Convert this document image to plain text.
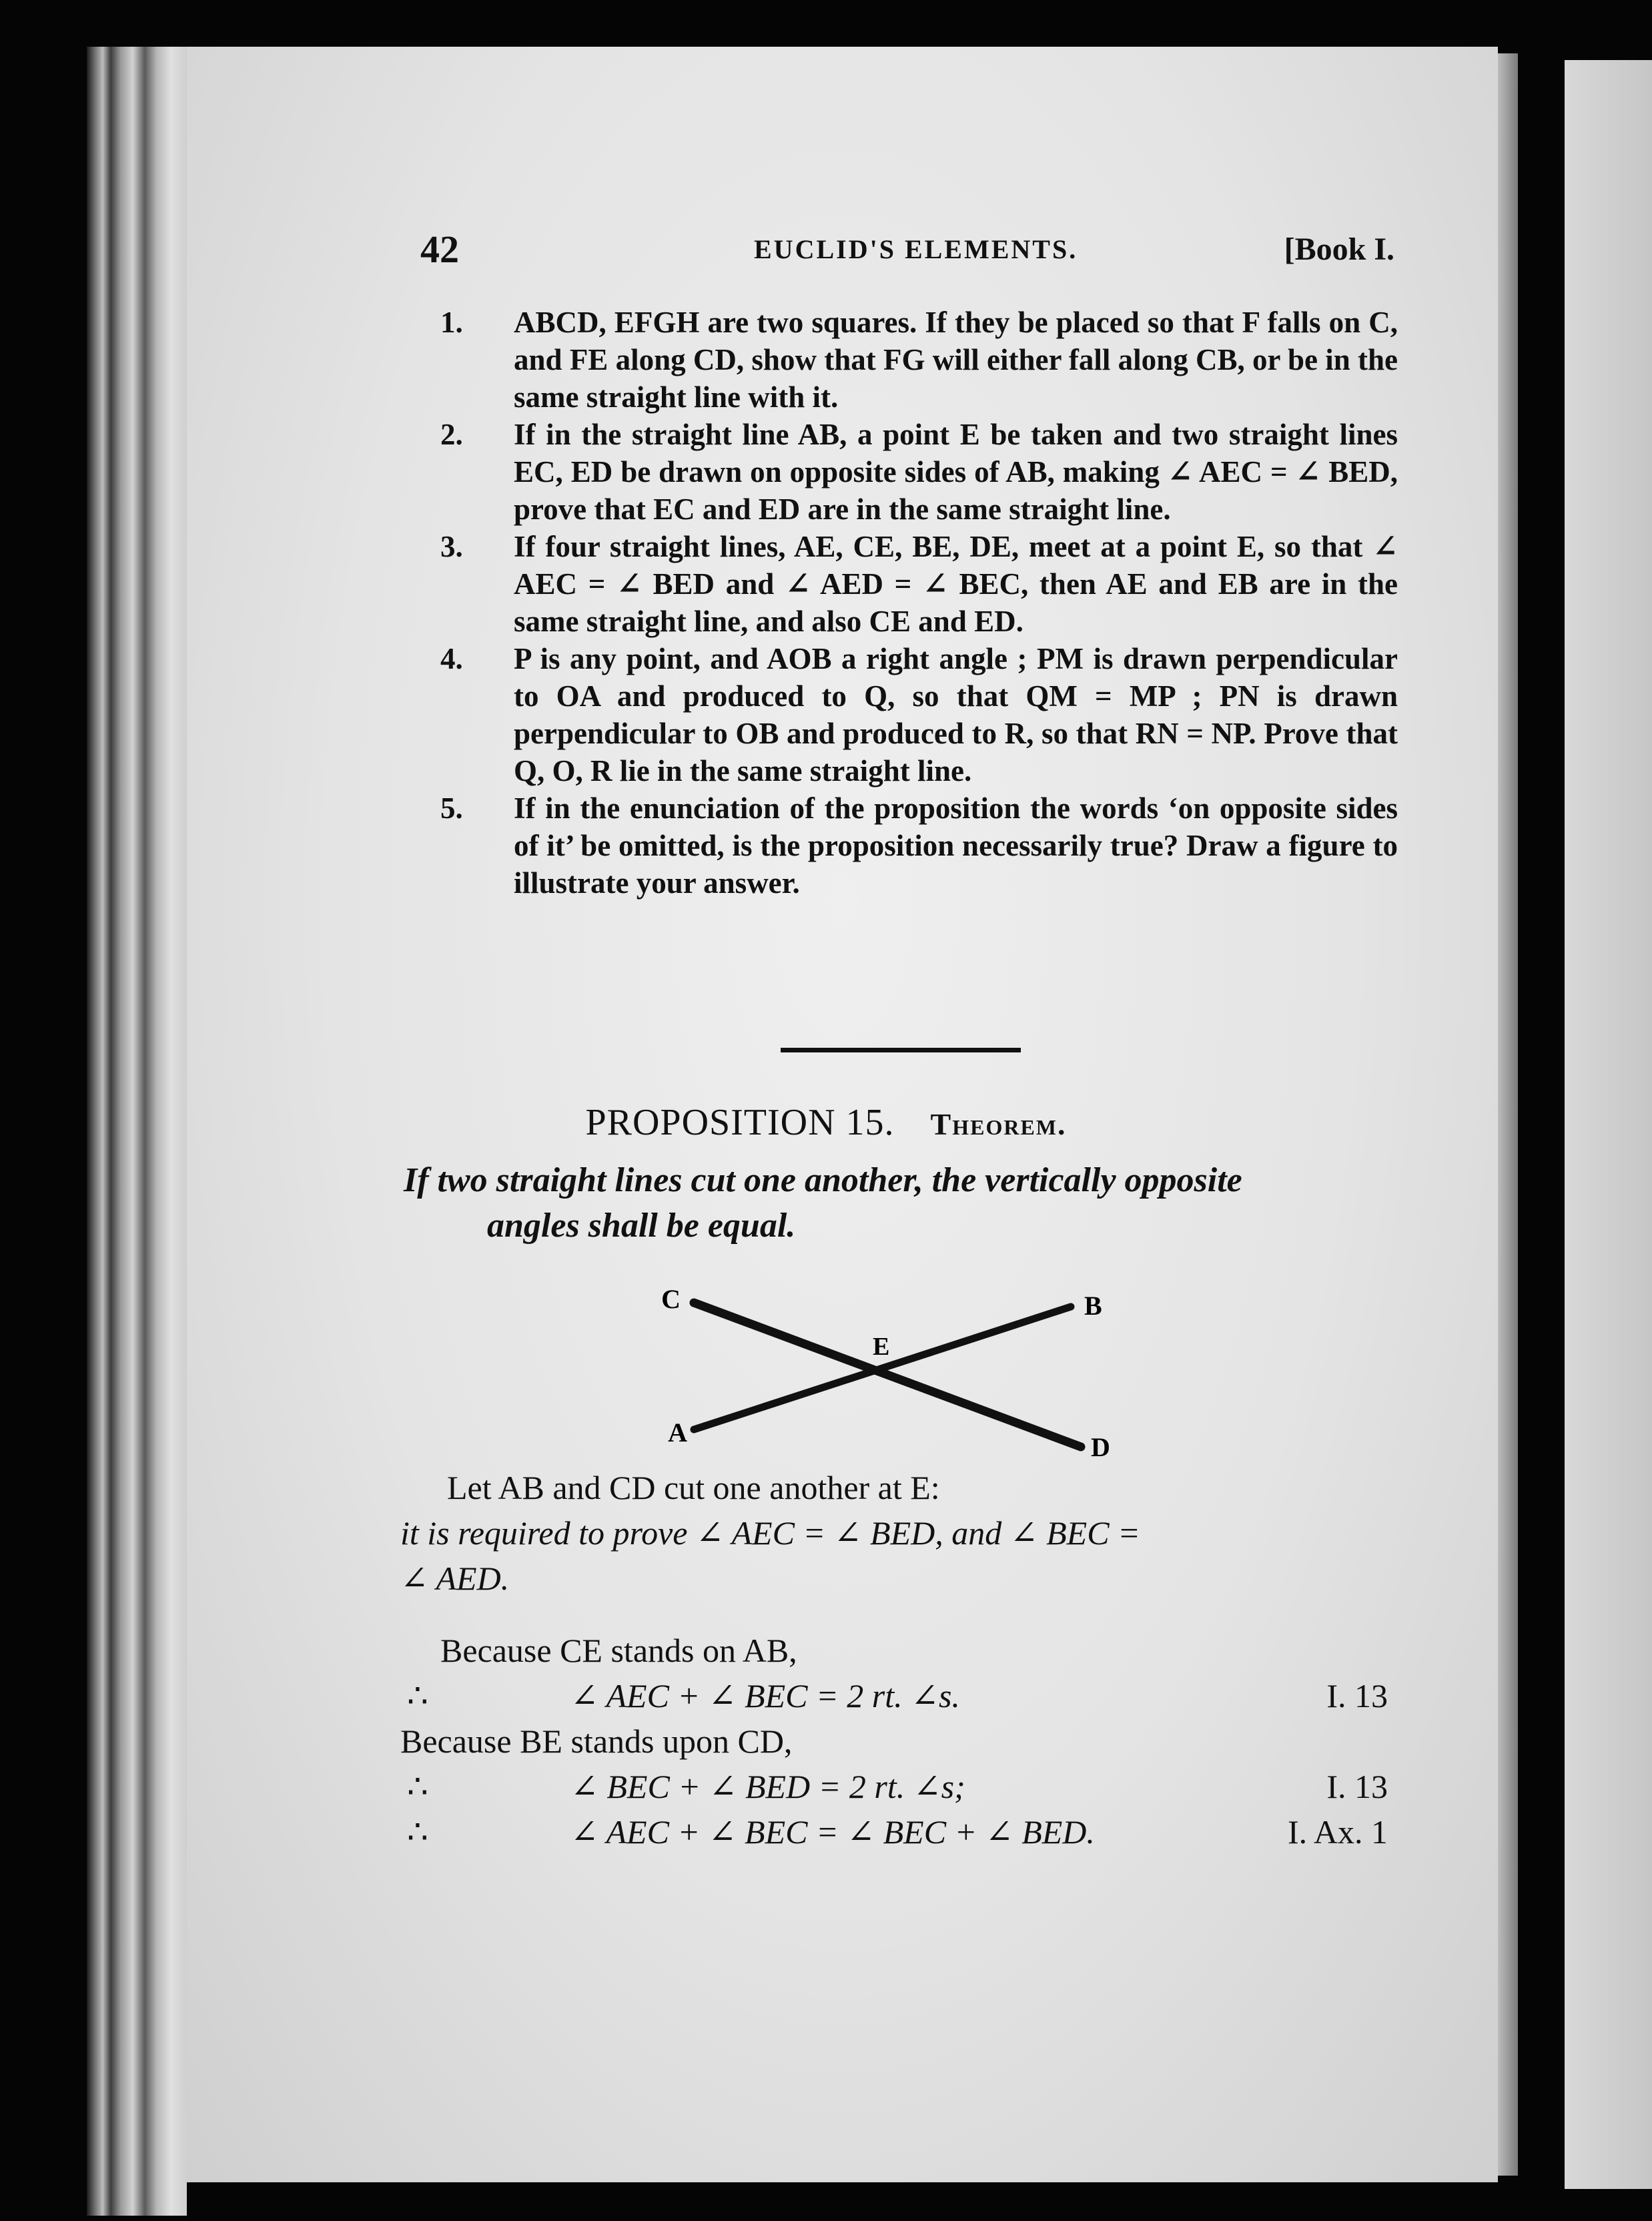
42	EUCLID'S ELEMENTS.	[Book I.
1. ABCD, EFGH are two squares. If they be placed so that F falls on C, and FE along CD, show that FG will either fall along CB, or be in the same straight line with it.
2. If in the straight line AB, a point E be taken and two straight lines EC, ED be drawn on opposite sides of AB, making ∠ AEC = ∠ BED, prove that EC and ED are in the same straight line.
3. If four straight lines, AE, CE, BE, DE, meet at a point E, so that ∠ AEC = ∠ BED and ∠ AED = ∠ BEC, then AE and EB are in the same straight line, and also CE and ED.
4. P is any point, and AOB a right angle ; PM is drawn perpendicular to OA and produced to Q, so that QM = MP ; PN is drawn perpendicular to OB and produced to R, so that RN = NP. Prove that Q, O, R lie in the same straight line.
5. If in the enunciation of the proposition the words ‘on opposite sides of it’ be omitted, is the proposition necessarily true? Draw a figure to illustrate your answer.
PROPOSITION 15. Theorem.
If two straight lines cut one another, the vertically opposite
angles shall be equal.
C	B
E
A	D
Let AB and CD cut one another at E:
it is required to prove ∠ AEC = ∠ BED, and ∠ BEC =
∠ AED.
Because CE stands on AB,
∴	∠ AEC + ∠ BEC = 2 rt. ∠s.	I. 13
Because BE stands upon CD,
∴	∠ BEC + ∠ BED = 2 rt. ∠s;	I. 13
∴	∠ AEC + ∠ BEC = ∠ BEC + ∠ BED.	I. Ax. 1
